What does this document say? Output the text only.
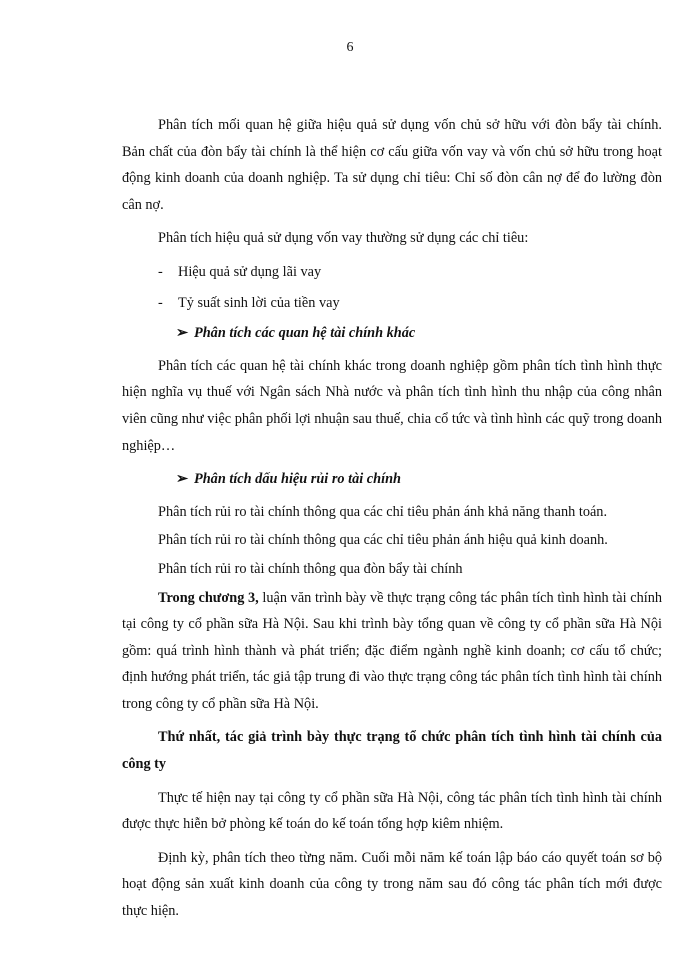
6

Phân tích mối quan hệ giữa hiệu quả sử dụng vốn chủ sở hữu với đòn bẩy tài chính. Bản chất của đòn bẩy tài chính là thể hiện cơ cấu giữa vốn vay và vốn chủ sở hữu trong hoạt động kinh doanh của doanh nghiệp. Ta sử dụng chỉ tiêu: Chỉ số đòn cân nợ để đo lường đòn cân nợ.

Phân tích hiệu quả sử dụng vốn vay thường sử dụng các chỉ tiêu:

-	Hiệu quả sử dụng lãi vay
-	Tỷ suất sinh lời của tiền vay
➢ Phân tích các quan hệ tài chính khác

Phân tích các quan hệ tài chính khác trong doanh nghiệp gồm phân tích tình hình thực hiện nghĩa vụ thuế với Ngân sách Nhà nước và phân tích tình hình thu nhập của công nhân viên cũng như việc phân phối lợi nhuận sau thuế, chia cổ tức và tình hình các quỹ trong doanh nghiệp…

➢ Phân tích dấu hiệu rủi ro tài chính

Phân tích rủi ro tài chính thông qua các chỉ tiêu phản ánh khả năng thanh toán.

Phân tích rủi ro tài chính thông qua các chỉ tiêu phản ánh hiệu quả kinh doanh.

Phân tích rủi ro tài chính thông qua đòn bẩy tài chính

Trong chương 3, luận văn trình bày về thực trạng công tác phân tích tình hình tài chính tại công ty cổ phần sữa Hà Nội. Sau khi trình bày tổng quan về công ty cổ phần sữa Hà Nội gồm: quá trình hình thành và phát triển; đặc điểm ngành nghề kinh doanh; cơ cấu tổ chức; định hướng phát triển, tác giả tập trung đi vào thực trạng công tác phân tích tình hình tài chính trong công ty cổ phần sữa Hà Nội.

Thứ nhất, tác giả trình bày thực trạng tổ chức phân tích tình hình tài chính của công ty

Thực tế hiện nay tại công ty cổ phần sữa Hà Nội, công tác phân tích tình hình tài chính được thực hiễn bở phòng kế toán do kế toán tổng hợp kiêm nhiệm.

Định kỳ, phân tích theo từng năm. Cuối mỗi năm kế toán lập báo cáo quyết toán sơ bộ hoạt động sản xuất kinh doanh của công ty trong năm sau đó công tác phân tích mới được thực hiện.
